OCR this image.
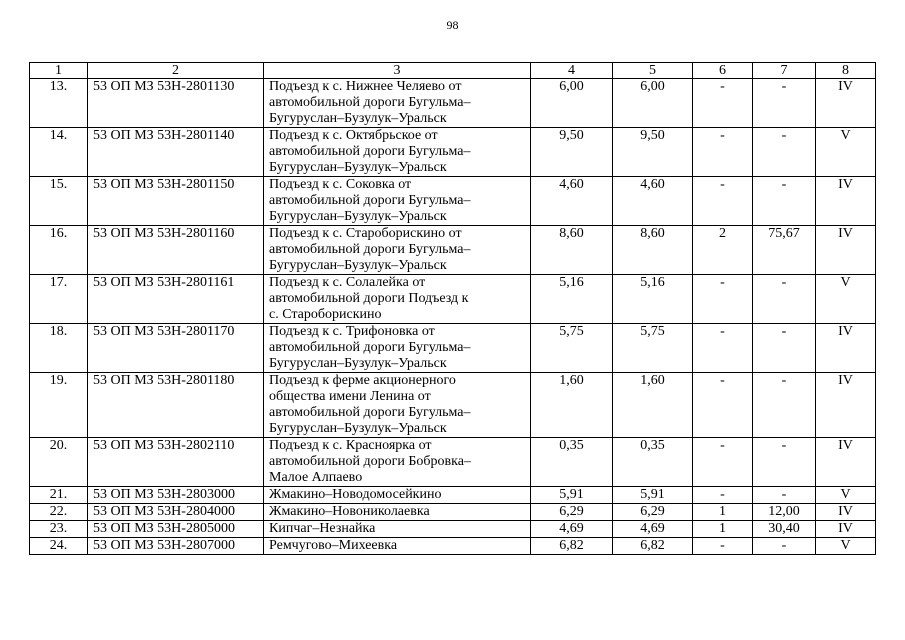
98
1	2	3	4	5	6	7	8
13.	53 ОП МЗ 53Н-2801130	Подъезд к с. Нижнее Челяево от
автомобильной дороги Бугульма–
Бугуруслан–Бузулук–Уральск	6,00	6,00	-	-	IV
14.	53 ОП МЗ 53Н-2801140	Подъезд к с. Октябрьское от
автомобильной дороги Бугульма–
Бугуруслан–Бузулук–Уральск	9,50	9,50	-	-	V
15.	53 ОП МЗ 53Н-2801150	Подъезд к с. Соковка от
автомобильной дороги Бугульма–
Бугуруслан–Бузулук–Уральск	4,60	4,60	-	-	IV
16.	53 ОП МЗ 53Н-2801160	Подъезд к с. Староборискино от
автомобильной дороги Бугульма–
Бугуруслан–Бузулук–Уральск	8,60	8,60	2	75,67	IV
17.	53 ОП МЗ 53Н-2801161	Подъезд к с. Солалейка от
автомобильной дороги Подъезд к
с. Староборискино	5,16	5,16	-	-	V
18.	53 ОП МЗ 53Н-2801170	Подъезд к с. Трифоновка от
автомобильной дороги Бугульма–
Бугуруслан–Бузулук–Уральск	5,75	5,75	-	-	IV
19.	53 ОП МЗ 53Н-2801180	Подъезд к ферме акционерного
общества имени Ленина от
автомобильной дороги Бугульма–
Бугуруслан–Бузулук–Уральск	1,60	1,60	-	-	IV
20.	53 ОП МЗ 53Н-2802110	Подъезд к с. Красноярка от
автомобильной дороги Бобровка–
Малое Алпаево	0,35	0,35	-	-	IV
21.	53 ОП МЗ 53Н-2803000	Жмакино–Новодомосейкино	5,91	5,91	-	-	V
22.	53 ОП МЗ 53Н-2804000	Жмакино–Новониколаевка	6,29	6,29	1	12,00	IV
23.	53 ОП МЗ 53Н-2805000	Кипчаг–Незнайка	4,69	4,69	1	30,40	IV
24.	53 ОП МЗ 53Н-2807000	Ремчугово–Михеевка	6,82	6,82	-	-	V
